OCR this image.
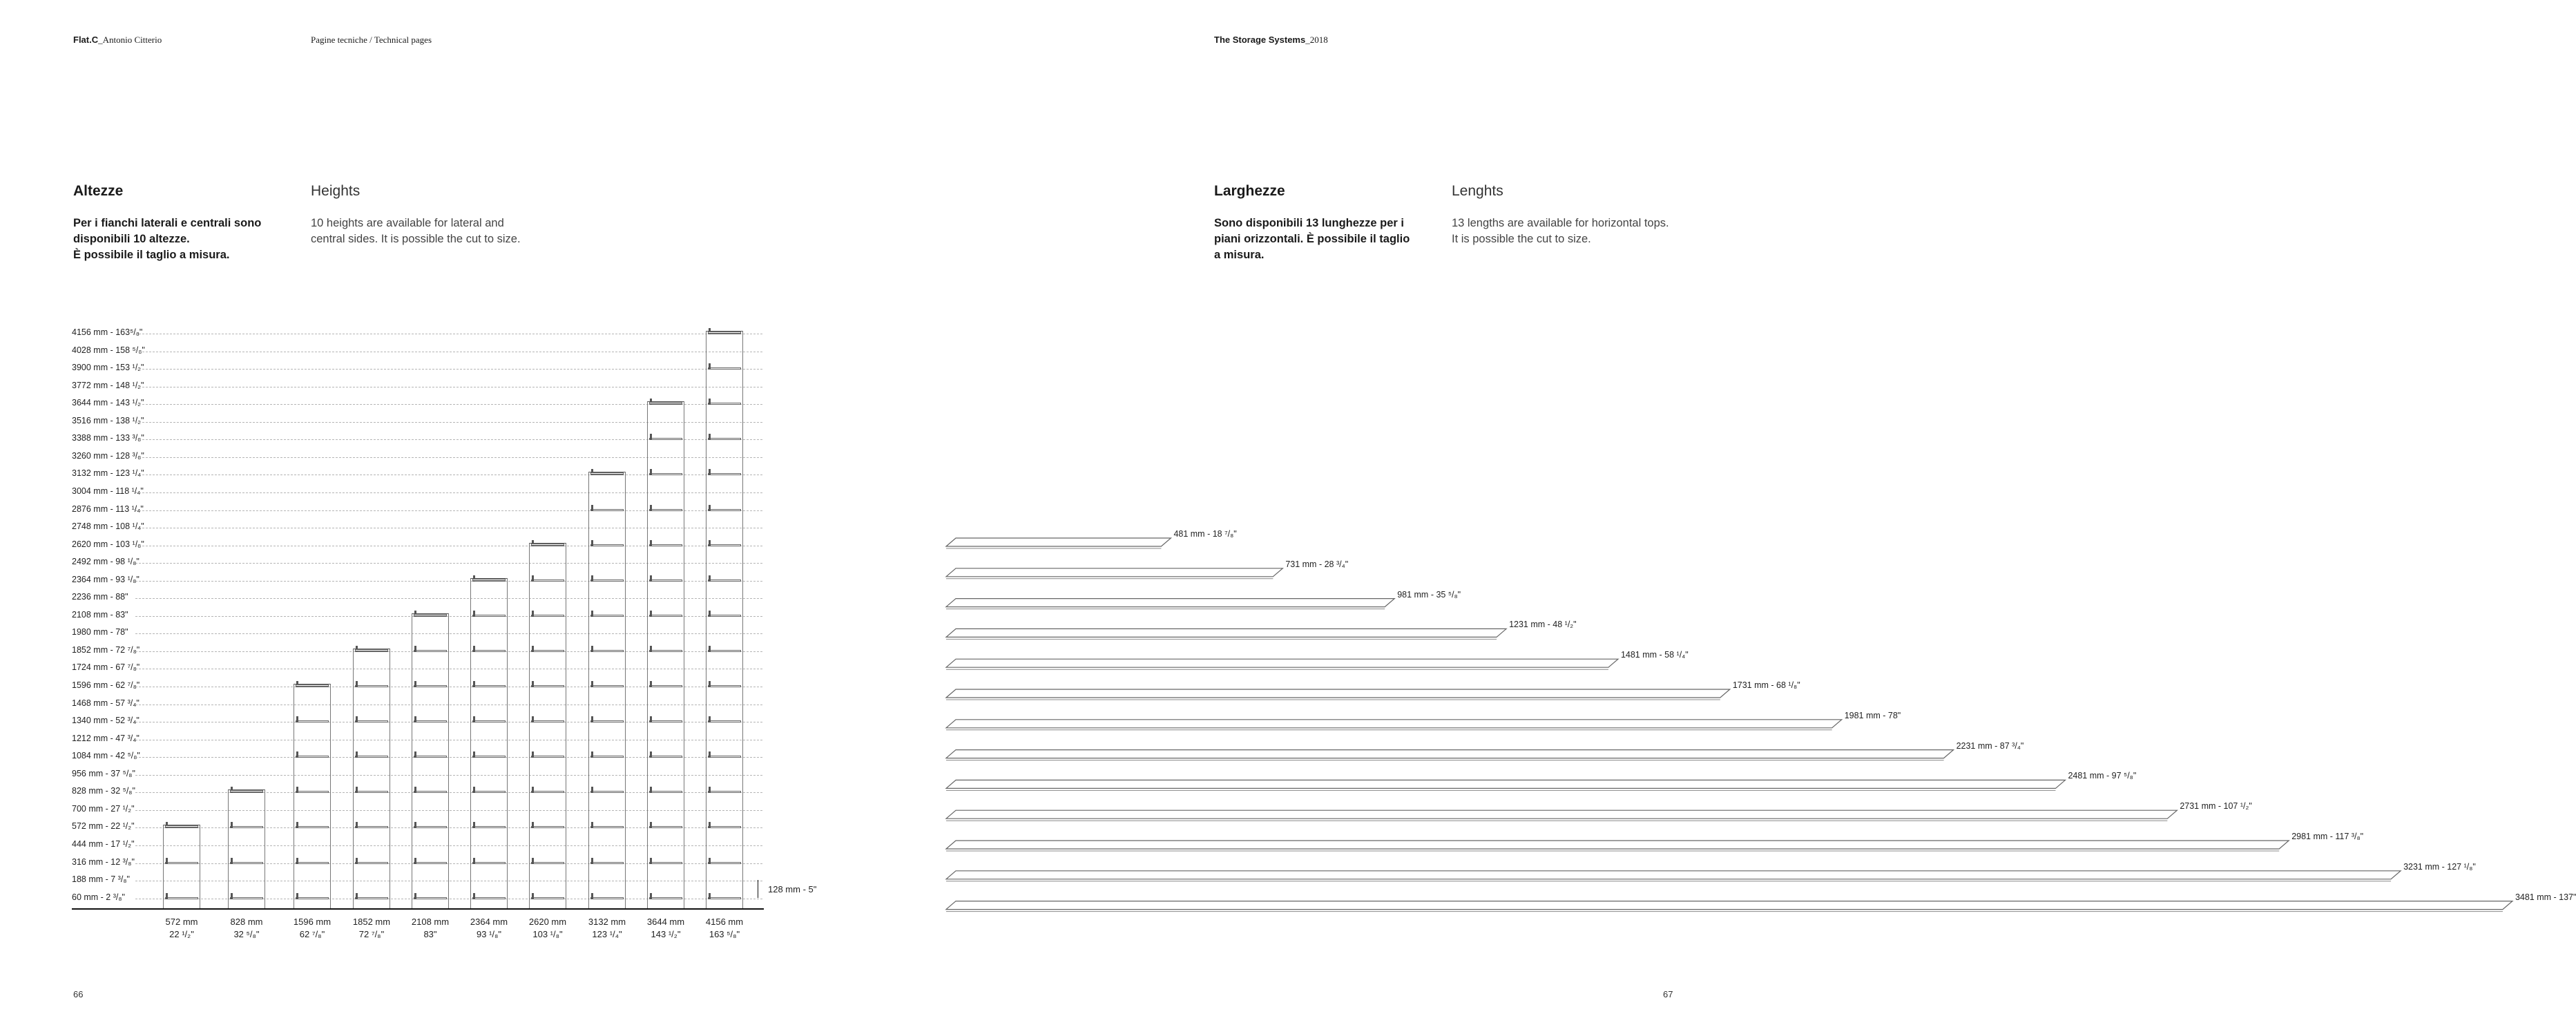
Flat.C_Antonio Citterio	Pagine tecniche / Technical pages	The Storage Systems_2018
Altezze	Heights
Per i fianchi laterali e centrali sono
disponibili 10 altezze.
È possibile il taglio a misura.
10 heights are available for lateral and
central sides. It is possible the cut to size.
Larghezze	Lenghts
Sono disponibili 13 lunghezze per i
piani orizzontali. È possibile il taglio
a misura.
13 lengths are available for horizontal tops.
It is possible the cut to size.
4156 mm - 163⁵/₈"
4028 mm - 158 ⁵/₈"
3900 mm - 153 ¹/₂"
3772 mm - 148 ¹/₂"
3644 mm - 143 ¹/₂"
3516 mm - 138 ¹/₂"
3388 mm - 133 ³/₈"
3260 mm - 128 ³/₈"
3132 mm - 123 ¹/₄"
3004 mm - 118 ¹/₄"
2876 mm - 113 ¹/₄"
2748 mm - 108 ¹/₄"
2620 mm - 103 ¹/₈"
2492 mm - 98 ¹/₈"
2364 mm - 93 ¹/₈"
2236 mm - 88"
2108 mm - 83"
1980 mm - 78"
1852 mm - 72 ⁷/₈"
1724 mm - 67 ⁷/₈"
1596 mm - 62 ⁷/₈"
1468 mm - 57 ³/₄"
1340 mm - 52 ³/₄"
1212 mm - 47 ³/₄"
1084 mm - 42 ⁵/₈"
956 mm - 37 ⁵/₈"
828 mm - 32 ⁵/₈"
700 mm - 27 ¹/₂"
572 mm - 22 ¹/₂"
444 mm - 17 ¹/₂"
316 mm - 12 ³/₈"
188 mm - 7 ³/₈"
60 mm - 2 ³/₈"
572 mm
22 ¹/₂"
828 mm
32 ⁵/₈"
1596 mm
62 ⁷/₈"
1852 mm
72 ⁷/₈"
2108 mm
83"
2364 mm
93 ¹/₈"
2620 mm
103 ¹/₈"
3132 mm
123 ¹/₄"
3644 mm
143 ¹/₂"
4156 mm
163 ⁵/₈"
128 mm - 5"
481 mm - 18 ⁷/₈"
731 mm - 28 ³/₄"
981 mm - 35 ⁵/₈"
1231 mm - 48 ¹/₂"
1481 mm - 58 ¹/₄"
1731 mm - 68 ¹/₈"
1981 mm - 78"
2231 mm - 87 ³/₄"
2481 mm - 97 ⁵/₈"
2731 mm - 107 ¹/₂"
2981 mm - 117 ³/₈"
3231 mm - 127 ¹/₈"
3481 mm - 137"
66	67
